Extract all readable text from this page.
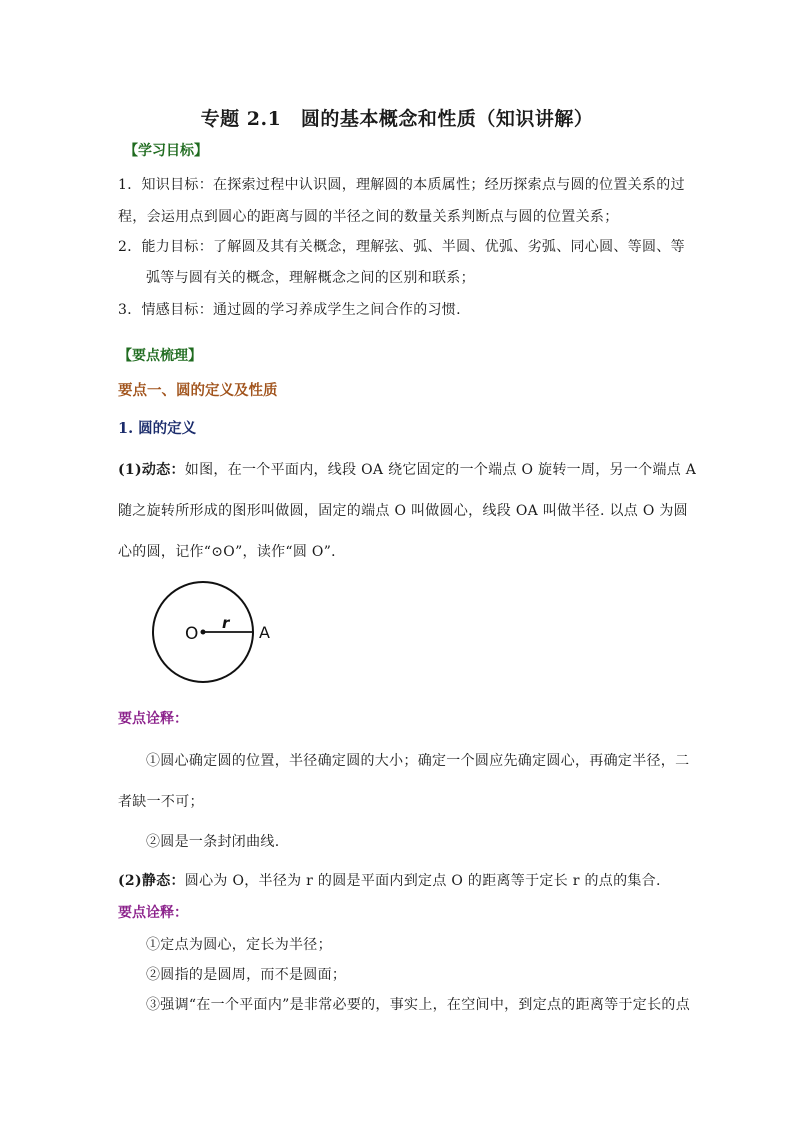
专题 2.1　圆的基本概念和性质（知识讲解）
【学习目标】
1．知识目标：在探索过程中认识圆，理解圆的本质属性；经历探索点与圆的位置关系的过
程，会运用点到圆心的距离与圆的半径之间的数量关系判断点与圆的位置关系；
2．能力目标：了解圆及其有关概念，理解弦、弧、半圆、优弧、劣弧、同心圆、等圆、等
弧等与圆有关的概念，理解概念之间的区别和联系；
3．情感目标：通过圆的学习养成学生之间合作的习惯.
【要点梳理】
要点一、圆的定义及性质
1. 圆的定义
(1)动态：如图，在一个平面内，线段 OA 绕它固定的一个端点 O 旋转一周，另一个端点 A
随之旋转所形成的图形叫做圆，固定的端点 O 叫做圆心，线段 OA 叫做半径. 以点 O 为圆
心的圆，记作“⊙O”，读作“圆 O”．
O
r A
要点诠释：
①圆心确定圆的位置，半径确定圆的大小；确定一个圆应先确定圆心，再确定半径，二
者缺一不可；
②圆是一条封闭曲线.
(2)静态：圆心为 O，半径为 r 的圆是平面内到定点 O 的距离等于定长 r 的点的集合.
要点诠释：
①定点为圆心，定长为半径；
②圆指的是圆周，而不是圆面；
③强调“在一个平面内”是非常必要的，事实上，在空间中，到定点的距离等于定长的点
